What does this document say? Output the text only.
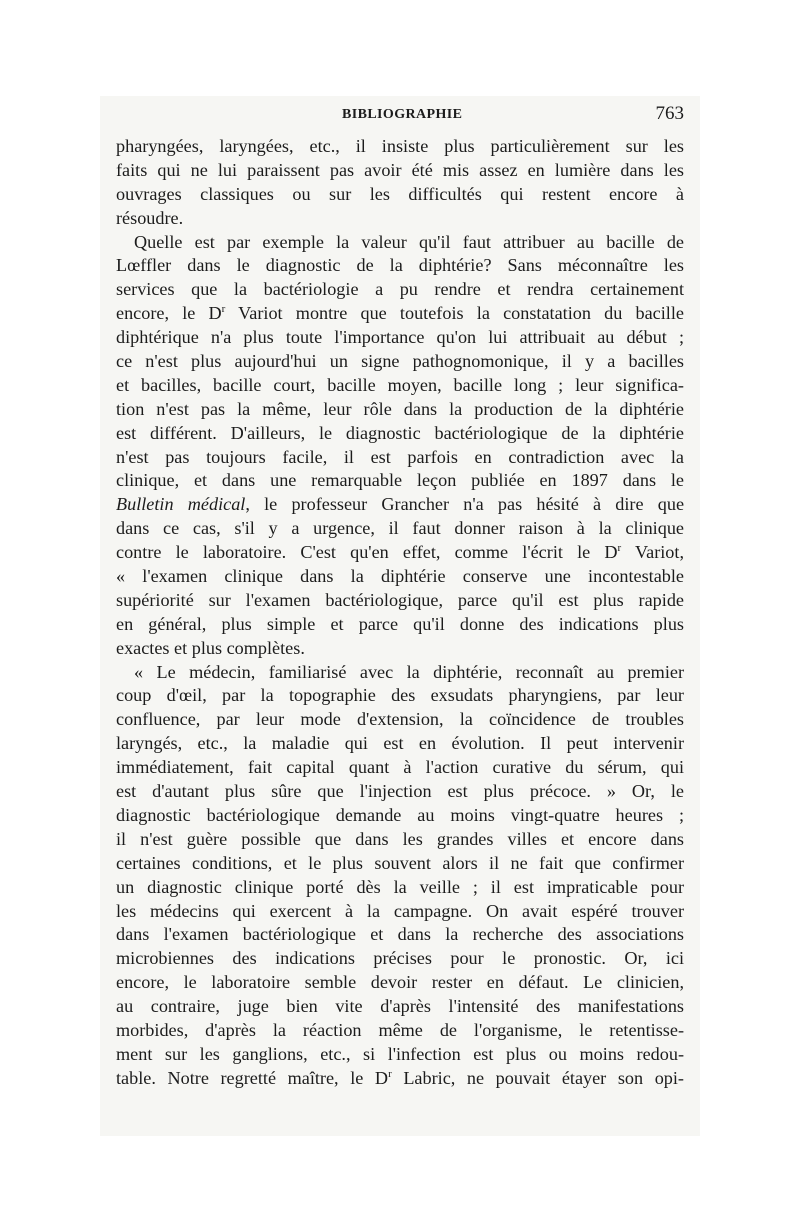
BIBLIOGRAPHIE	763
pharyngées, laryngées, etc., il insiste plus particulièrement sur les
faits qui ne lui paraissent pas avoir été mis assez en lumière dans les
ouvrages classiques ou sur les difficultés qui restent encore à
résoudre.
Quelle est par exemple la valeur qu'il faut attribuer au bacille de
Lœffler dans le diagnostic de la diphtérie? Sans méconnaître les
services que la bactériologie a pu rendre et rendra certainement
encore, le $D^r$ Variot montre que toutefois la constatation du bacille
diphtérique n'a plus toute l'importance qu'on lui attribuait au début ;
ce n'est plus aujourd'hui un signe pathognomonique, il y a bacilles
et bacilles, bacille court, bacille moyen, bacille long ; leur significa-
tion n'est pas la même, leur rôle dans la production de la diphtérie
est différent. D'ailleurs, le diagnostic bactériologique de la diphtérie
n'est pas toujours facile, il est parfois en contradiction avec la
clinique, et dans une remarquable leçon publiée en 1897 dans le
Bulletin médical, le professeur Grancher n'a pas hésité à dire que
dans ce cas, s'il y a urgence, il faut donner raison à la clinique
contre le laboratoire. C'est qu'en effet, comme l'écrit le $D^r$ Variot,
« l'examen clinique dans la diphtérie conserve une incontestable
supériorité sur l'examen bactériologique, parce qu'il est plus rapide
en général, plus simple et parce qu'il donne des indications plus
exactes et plus complètes.
« Le médecin, familiarisé avec la diphtérie, reconnaît au premier
coup d'œil, par la topographie des exsudats pharyngiens, par leur
confluence, par leur mode d'extension, la coïncidence de troubles
laryngés, etc., la maladie qui est en évolution. Il peut intervenir
immédiatement, fait capital quant à l'action curative du sérum, qui
est d'autant plus sûre que l'injection est plus précoce. » Or, le
diagnostic bactériologique demande au moins vingt-quatre heures ;
il n'est guère possible que dans les grandes villes et encore dans
certaines conditions, et le plus souvent alors il ne fait que confirmer
un diagnostic clinique porté dès la veille ; il est impraticable pour
les médecins qui exercent à la campagne. On avait espéré trouver
dans l'examen bactériologique et dans la recherche des associations
microbiennes des indications précises pour le pronostic. Or, ici
encore, le laboratoire semble devoir rester en défaut. Le clinicien,
au contraire, juge bien vite d'après l'intensité des manifestations
morbides, d'après la réaction même de l'organisme, le retentisse-
ment sur les ganglions, etc., si l'infection est plus ou moins redou-
table. Notre regretté maître, le $D^r$ Labric, ne pouvait étayer son opi-
